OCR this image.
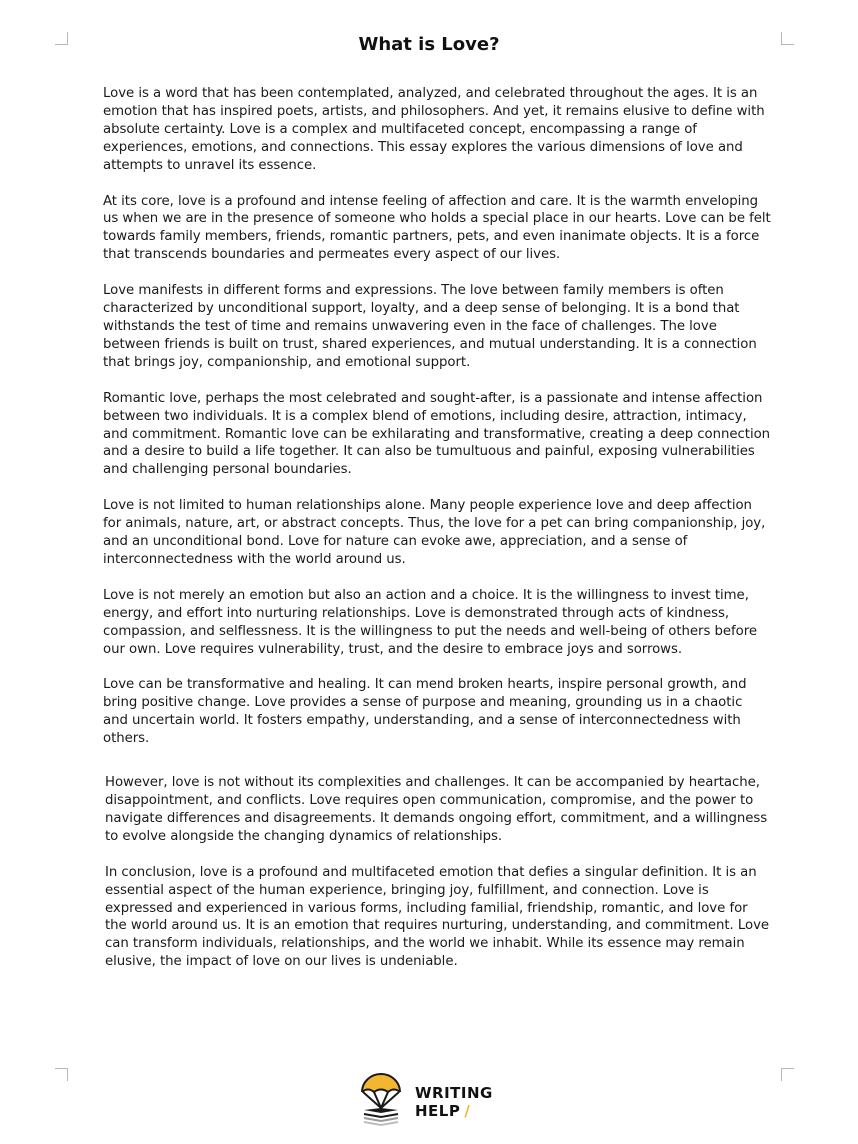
What is Love?

Love is a word that has been contemplated, analyzed, and celebrated throughout the ages. It is an emotion that has inspired poets, artists, and philosophers. And yet, it remains elusive to define with absolute certainty. Love is a complex and multifaceted concept, encompassing a range of experiences, emotions, and connections. This essay explores the various dimensions of love and attempts to unravel its essence.

At its core, love is a profound and intense feeling of affection and care. It is the warmth enveloping us when we are in the presence of someone who holds a special place in our hearts. Love can be felt towards family members, friends, romantic partners, pets, and even inanimate objects. It is a force that transcends boundaries and permeates every aspect of our lives.

Love manifests in different forms and expressions. The love between family members is often characterized by unconditional support, loyalty, and a deep sense of belonging. It is a bond that withstands the test of time and remains unwavering even in the face of challenges. The love between friends is built on trust, shared experiences, and mutual understanding. It is a connection that brings joy, companionship, and emotional support.

Romantic love, perhaps the most celebrated and sought-after, is a passionate and intense affection between two individuals. It is a complex blend of emotions, including desire, attraction, intimacy, and commitment. Romantic love can be exhilarating and transformative, creating a deep connection and a desire to build a life together. It can also be tumultuous and painful, exposing vulnerabilities and challenging personal boundaries.

Love is not limited to human relationships alone. Many people experience love and deep affection for animals, nature, art, or abstract concepts. Thus, the love for a pet can bring companionship, joy, and an unconditional bond. Love for nature can evoke awe, appreciation, and a sense of interconnectedness with the world around us.

Love is not merely an emotion but also an action and a choice. It is the willingness to invest time, energy, and effort into nurturing relationships. Love is demonstrated through acts of kindness, compassion, and selflessness. It is the willingness to put the needs and well-being of others before our own. Love requires vulnerability, trust, and the desire to embrace joys and sorrows.

Love can be transformative and healing. It can mend broken hearts, inspire personal growth, and bring positive change. Love provides a sense of purpose and meaning, grounding us in a chaotic and uncertain world. It fosters empathy, understanding, and a sense of interconnectedness with others.

However, love is not without its complexities and challenges. It can be accompanied by heartache, disappointment, and conflicts. Love requires open communication, compromise, and the power to navigate differences and disagreements. It demands ongoing effort, commitment, and a willingness to evolve alongside the changing dynamics of relationships.

In conclusion, love is a profound and multifaceted emotion that defies a singular definition. It is an essential aspect of the human experience, bringing joy, fulfillment, and connection. Love is expressed and experienced in various forms, including familial, friendship, romantic, and love for the world around us. It is an emotion that requires nurturing, understanding, and commitment. Love can transform individuals, relationships, and the world we inhabit. While its essence may remain elusive, the impact of love on our lives is undeniable.

WRITING
HELP /
